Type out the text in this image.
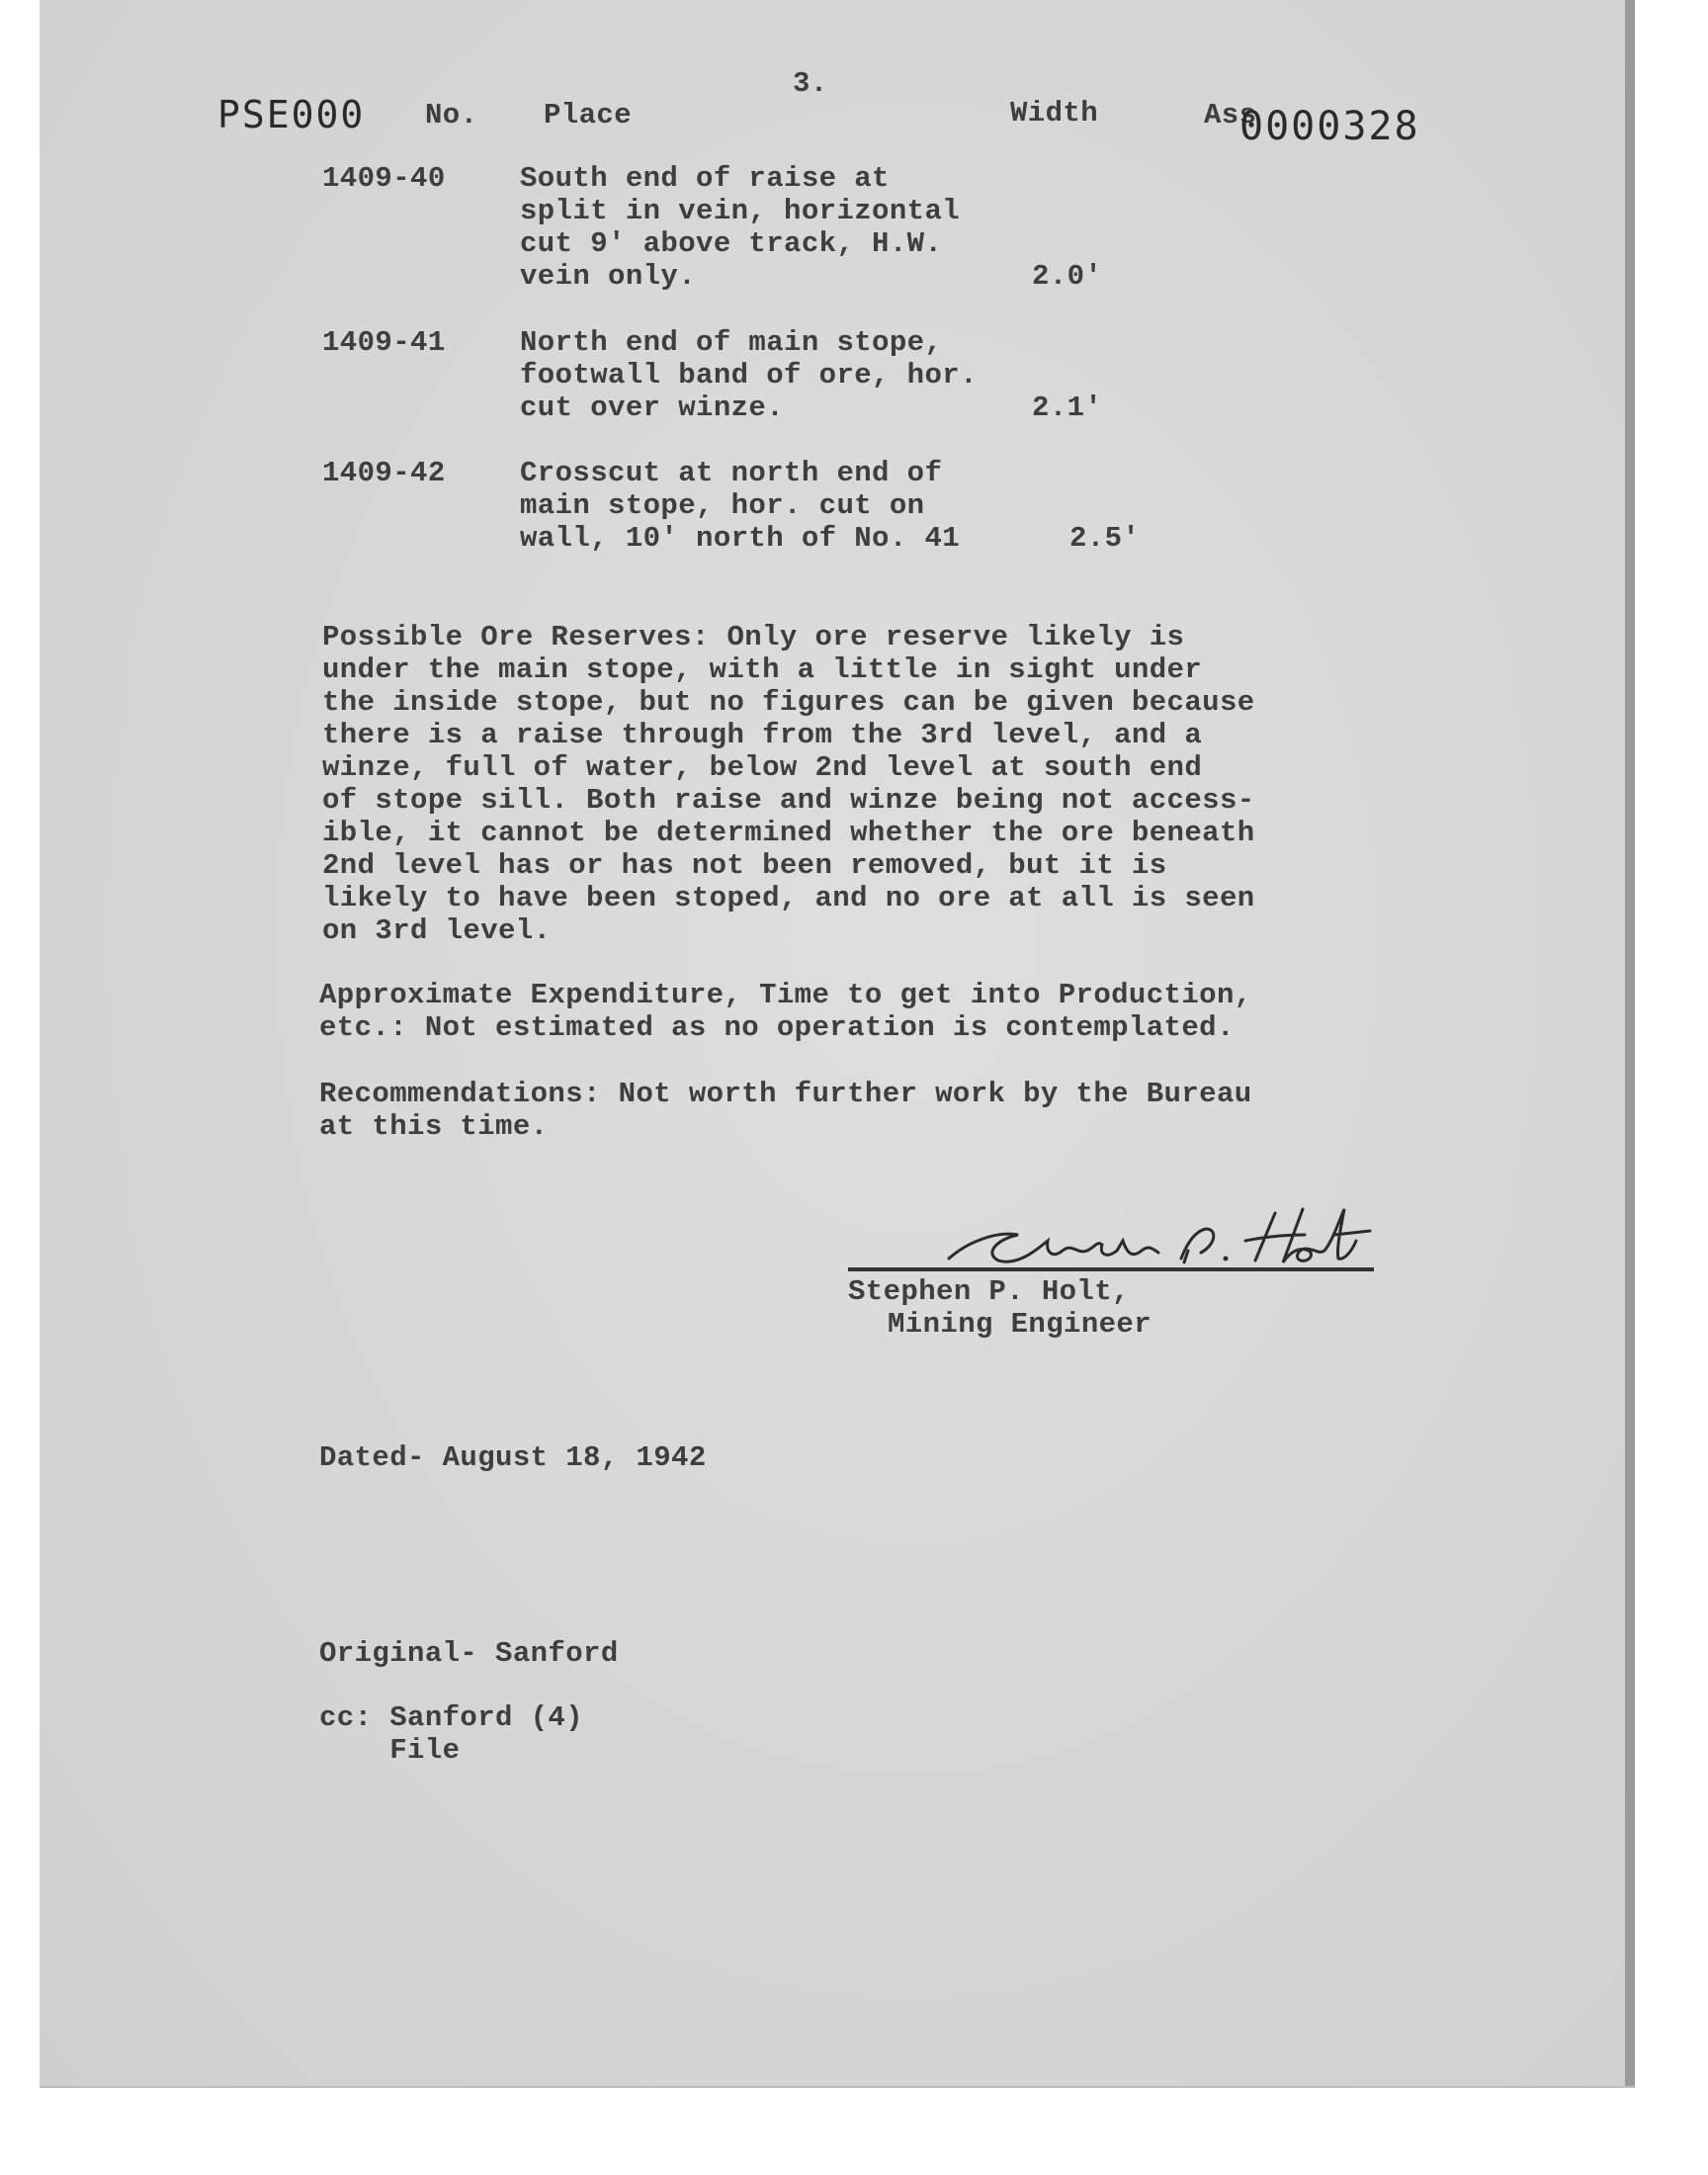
3.
PSE000 No. Place	Width	Ass
0000328
1409-40	South end of raise at
split in vein, horizontal
cut 9' above track, H.W.
vein only.	2.0'
1409-41	North end of main stope,
footwall band of ore, hor.
cut over winze.	2.1'
1409-42	Crosscut at north end of
main stope, hor. cut on
wall, 10' north of No. 41	2.5'
Possible Ore Reserves: Only ore reserve likely is
under the main stope, with a little in sight under
the inside stope, but no figures can be given because
there is a raise through from the 3rd level, and a
winze, full of water, below 2nd level at south end
of stope sill. Both raise and winze being not access-
ible, it cannot be determined whether the ore beneath
2nd level has or has not been removed, but it is
likely to have been stoped, and no ore at all is seen
on 3rd level.
Approximate Expenditure, Time to get into Production,
etc.: Not estimated as no operation is contemplated.
Recommendations: Not worth further work by the Bureau
at this time.
Stephen P. Holt,
Mining Engineer
Dated- August 18, 1942
Original- Sanford
cc: Sanford (4)
File
